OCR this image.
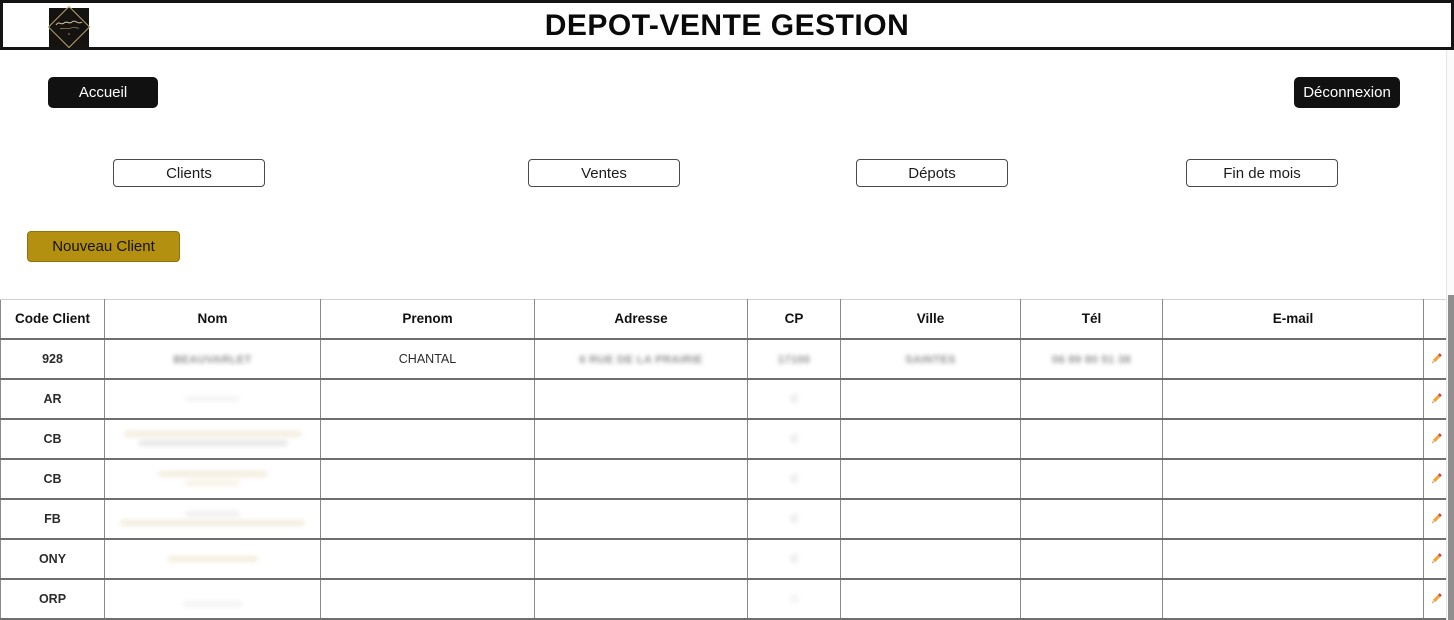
DEPOT-VENTE GESTION
Accueil	Déconnexion
Clients	Ventes	Dépots	Fin de mois
Nouveau Client
Code Client	Nom	Prenom	Adresse	CP	Ville	Tél	E-mail	
928	BEAUVARLET	CHANTAL	6 RUE DE LA PRAIRIE	17100	SAINTES	06 89 80 51 38		

AR	

CB	

CB	

FB	

ONY	

ORP	
